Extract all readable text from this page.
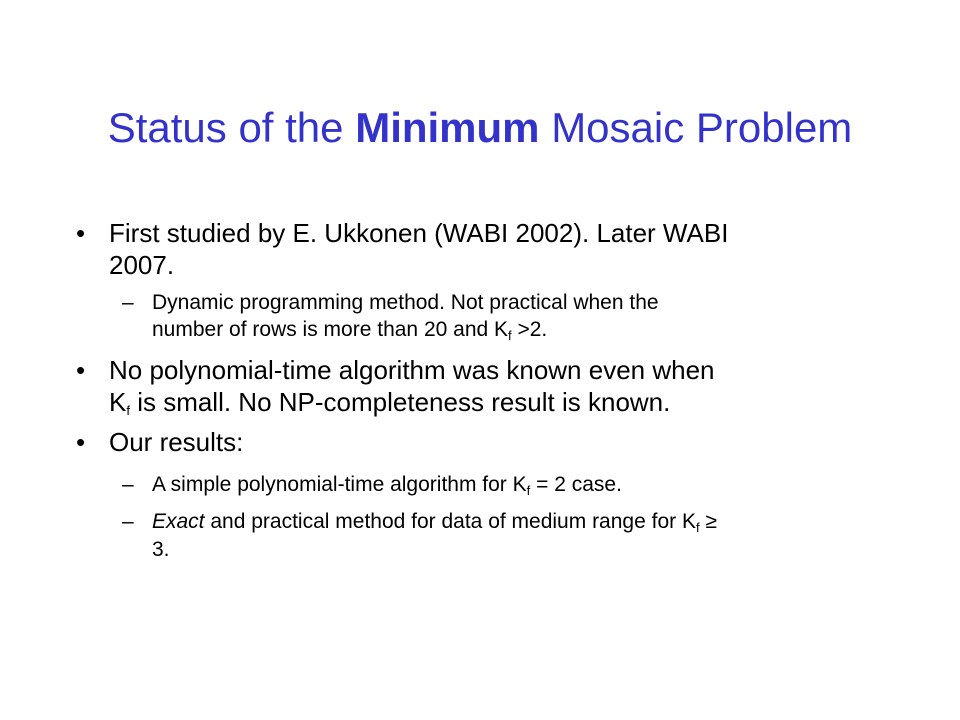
Status of the Minimum Mosaic Problem
• First studied by E. Ukkonen (WABI 2002). Later WABI
2007.
– Dynamic programming method. Not practical when the
number of rows is more than 20 and $K_f >2$.
• No polynomial-time algorithm was known even when
$K_f$ is small. No NP-completeness result is known.
• Our results:
– A simple polynomial-time algorithm for $K_f = 2$ case.
– Exact and practical method for data of medium range for $K_f$ ≥
3.
